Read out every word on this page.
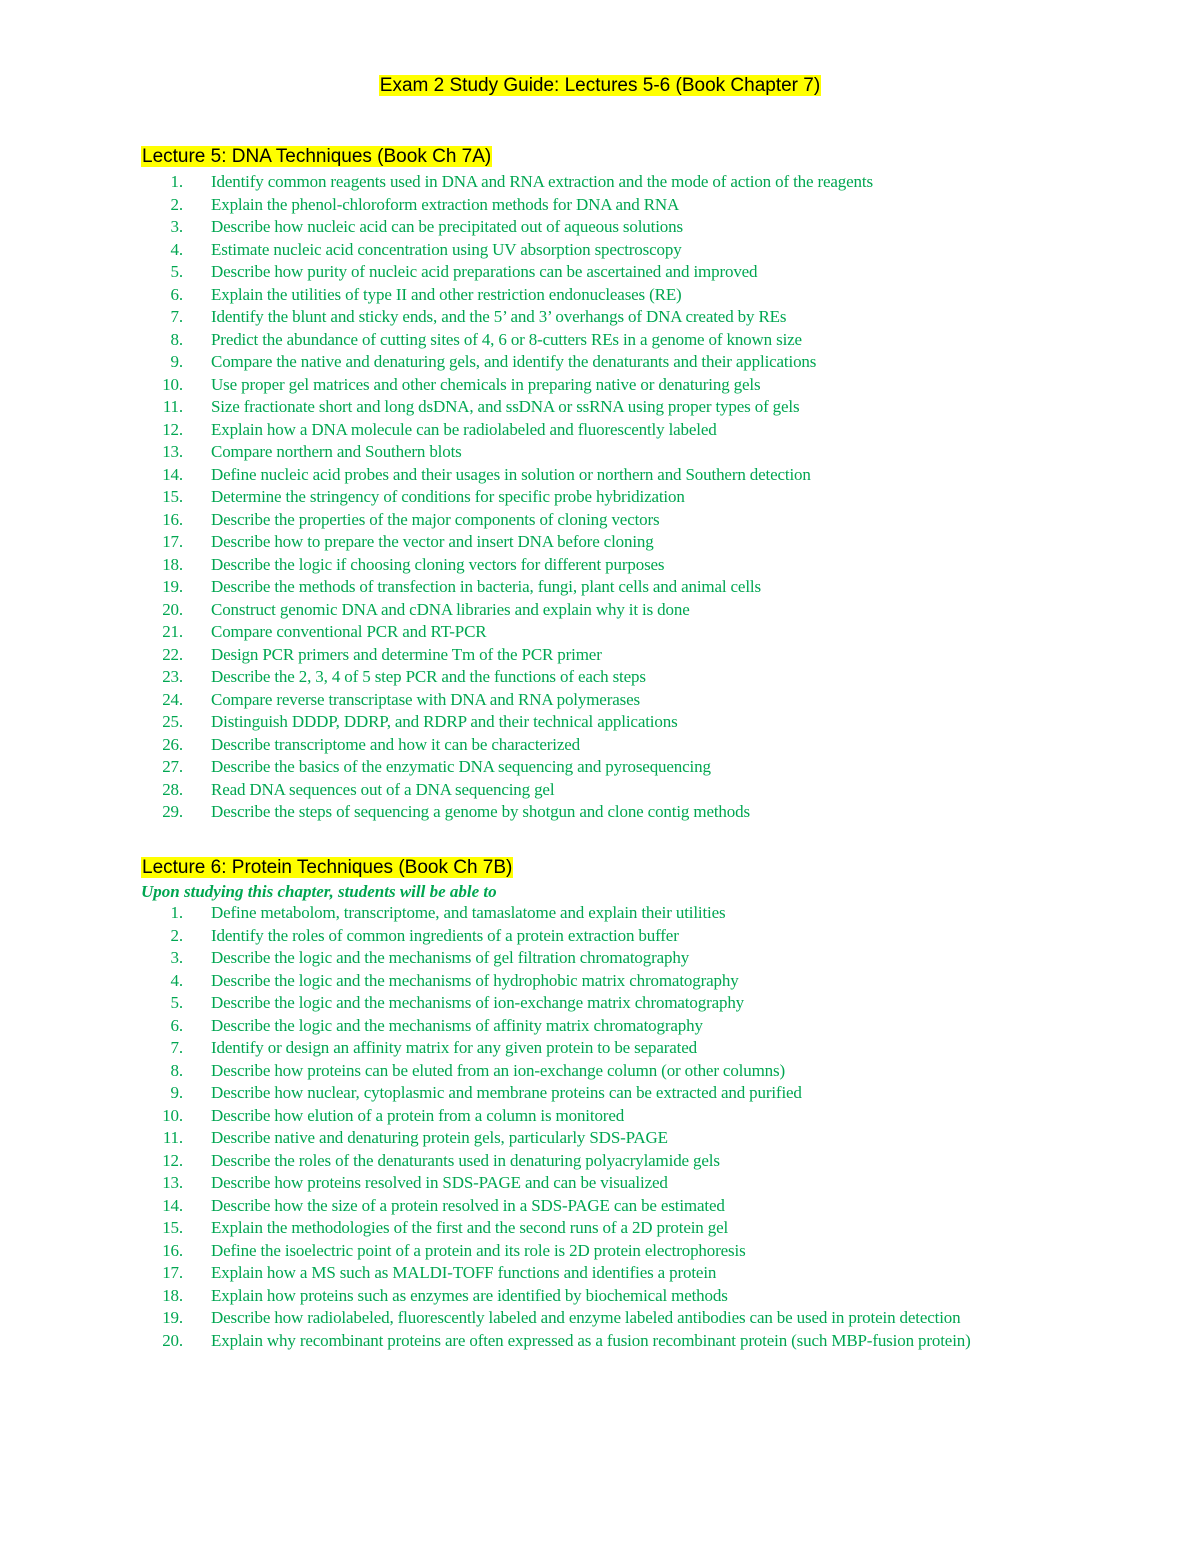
Exam 2 Study Guide: Lectures 5-6 (Book Chapter 7)
Lecture 5: DNA Techniques (Book Ch 7A)
1.	Identify common reagents used in DNA and RNA extraction and the mode of action of the reagents
2.	Explain the phenol-chloroform extraction methods for DNA and RNA
3.	Describe how nucleic acid can be precipitated out of aqueous solutions
4.	Estimate nucleic acid concentration using UV absorption spectroscopy
5.	Describe how purity of nucleic acid preparations can be ascertained and improved
6.	Explain the utilities of type II and other restriction endonucleases (RE)
7.	Identify the blunt and sticky ends, and the 5’ and 3’ overhangs of DNA created by REs
8.	Predict the abundance of cutting sites of 4, 6 or 8-cutters REs in a genome of known size
9.	Compare the native and denaturing gels, and identify the denaturants and their applications
10.	Use proper gel matrices and other chemicals in preparing native or denaturing gels
11.	Size fractionate short and long dsDNA, and ssDNA or ssRNA using proper types of gels
12.	Explain how a DNA molecule can be radiolabeled and fluorescently labeled
13.	Compare northern and Southern blots
14.	Define nucleic acid probes and their usages in solution or northern and Southern detection
15.	Determine the stringency of conditions for specific probe hybridization
16.	Describe the properties of the major components of cloning vectors
17.	Describe how to prepare the vector and insert DNA before cloning
18.	Describe the logic if choosing cloning vectors for different purposes
19.	Describe the methods of transfection in bacteria, fungi, plant cells and animal cells
20.	Construct genomic DNA and cDNA libraries and explain why it is done
21.	Compare conventional PCR and RT-PCR
22.	Design PCR primers and determine Tm of the PCR primer
23.	Describe the 2, 3, 4 of 5 step PCR and the functions of each steps
24.	Compare reverse transcriptase with DNA and RNA polymerases
25.	Distinguish DDDP, DDRP, and RDRP and their technical applications
26.	Describe transcriptome and how it can be characterized
27.	Describe the basics of the enzymatic DNA sequencing and pyrosequencing
28.	Read DNA sequences out of a DNA sequencing gel
29.	Describe the steps of sequencing a genome by shotgun and clone contig methods
Lecture 6: Protein Techniques (Book Ch 7B)
Upon studying this chapter, students will be able to
1.	Define metabolom, transcriptome, and tamaslatome and explain their utilities
2.	Identify the roles of common ingredients of a protein extraction buffer
3.	Describe the logic and the mechanisms of gel filtration chromatography
4.	Describe the logic and the mechanisms of hydrophobic matrix chromatography
5.	Describe the logic and the mechanisms of ion-exchange matrix chromatography
6.	Describe the logic and the mechanisms of affinity matrix chromatography
7.	Identify or design an affinity matrix for any given protein to be separated
8.	Describe how proteins can be eluted from an ion-exchange column (or other columns)
9.	Describe how nuclear, cytoplasmic and membrane proteins can be extracted and purified
10.	Describe how elution of a protein from a column is monitored
11.	Describe native and denaturing protein gels, particularly SDS-PAGE
12.	Describe the roles of the denaturants used in denaturing polyacrylamide gels
13.	Describe how proteins resolved in SDS-PAGE and can be visualized
14.	Describe how the size of a protein resolved in a SDS-PAGE can be estimated
15.	Explain the methodologies of the first and the second runs of a 2D protein gel
16.	Define the isoelectric point of a protein and its role is 2D protein electrophoresis
17.	Explain how a MS such as MALDI-TOFF functions and identifies a protein
18.	Explain how proteins such as enzymes are identified by biochemical methods
19.	Describe how radiolabeled, fluorescently labeled and enzyme labeled antibodies can be used in protein detection
20.	Explain why recombinant proteins are often expressed as a fusion recombinant protein (such MBP-fusion protein)
